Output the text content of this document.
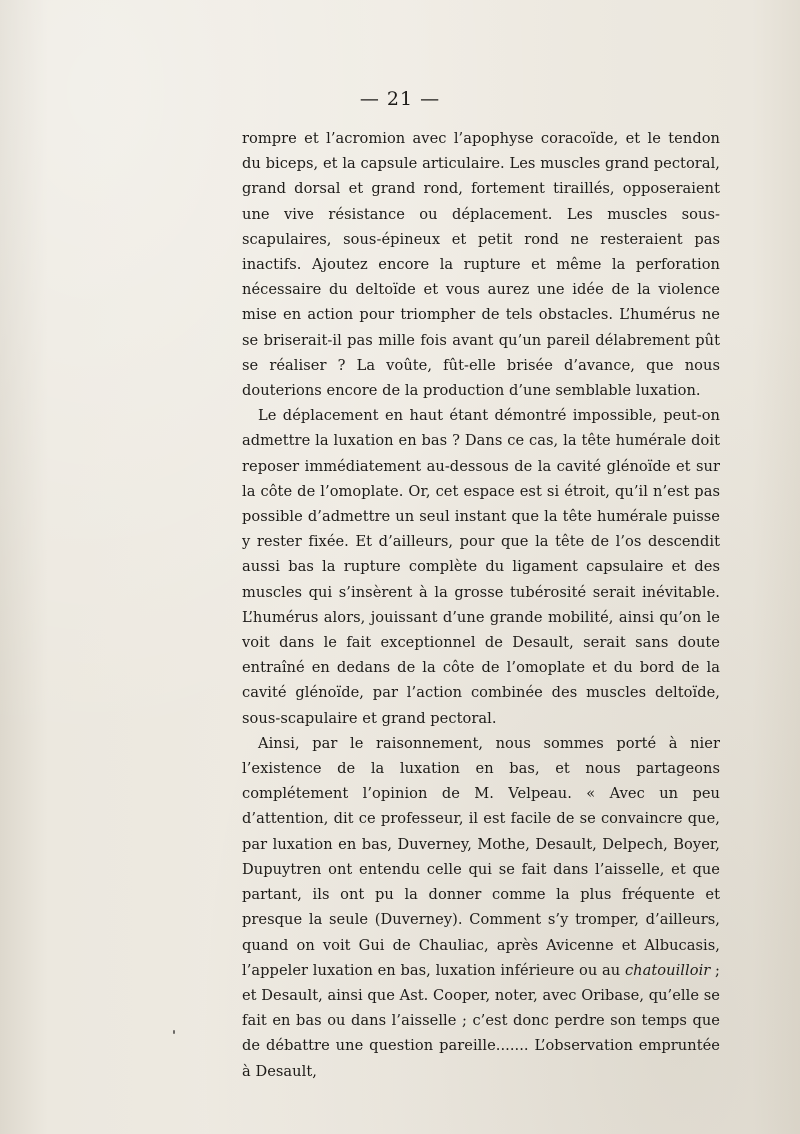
— 21 —

rompre et l’acromion avec l’apophyse coracoïde, et le tendon du biceps, et la capsule articulaire. Les muscles grand pectoral, grand dorsal et grand rond, fortement tiraillés, opposeraient une vive résistance ou déplacement. Les muscles sous-scapulaires, sous-épineux et petit rond ne resteraient pas inactifs. Ajoutez encore la rupture et même la perforation nécessaire du deltoïde et vous aurez une idée de la violence mise en action pour triompher de tels obstacles. L’humérus ne se briserait-il pas mille fois avant qu’un pareil délabrement pût se réaliser ? La voûte, fût-elle brisée d’avance, que nous douterions encore de la production d’une semblable luxation.

Le déplacement en haut étant démontré impossible, peut-on admettre la luxation en bas ? Dans ce cas, la tête humérale doit reposer immédiatement au-dessous de la cavité glénoïde et sur la côte de l’omoplate. Or, cet espace est si étroit, qu’il n’est pas possible d’admettre un seul instant que la tête humérale puisse y rester fixée. Et d’ailleurs, pour que la tête de l’os descendit aussi bas la rupture complète du ligament capsulaire et des muscles qui s’insèrent à la grosse tubérosité serait inévitable. L’humérus alors, jouissant d’une grande mobilité, ainsi qu’on le voit dans le fait exceptionnel de Desault, serait sans doute entraîné en dedans de la côte de l’omoplate et du bord de la cavité glénoïde, par l’action combinée des muscles deltoïde, sous-scapulaire et grand pectoral.

Ainsi, par le raisonnement, nous sommes porté à nier l’existence de la luxation en bas, et nous partageons complétement l’opinion de M. Velpeau. « Avec un peu d’attention, dit ce professeur, il est facile de se convaincre que, par luxation en bas, Duverney, Mothe, Desault, Delpech, Boyer, Dupuytren ont entendu celle qui se fait dans l’aisselle, et que partant, ils ont pu la donner comme la plus fréquente et presque la seule (Duverney). Comment s’y tromper, d’ailleurs, quand on voit Gui de Chauliac, après Avicenne et Albucasis, l’appeler luxation en bas, luxation inférieure ou au chatouilloir ; et Desault, ainsi que Ast. Cooper, noter, avec Oribase, qu’elle se fait en bas ou dans l’aisselle ; c’est donc perdre son temps que de débattre une question pareille....... L’observation empruntée à Desault,
